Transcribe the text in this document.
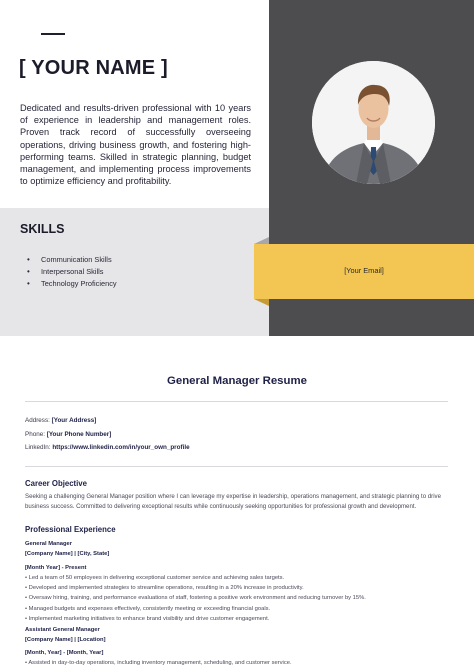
[ YOUR NAME ]
Dedicated and results-driven professional with 10 years of experience in leadership and management roles. Proven track record of successfully overseeing operations, driving business growth, and fostering high-performing teams. Skilled in strategic planning, budget management, and implementing process improvements to optimize efficiency and profitability.
SKILLS
• Communication Skills
• Interpersonal Skills
• Technology Proficiency
[Your Email]
General Manager Resume
Address: [Your Address]
Phone: [Your Phone Number]
LinkedIn: https://www.linkedin.com/in/your_own_profile
Career Objective
Seeking a challenging General Manager position where I can leverage my expertise in leadership, operations management, and strategic planning to drive business success. Committed to delivering exceptional results while continuously seeking opportunities for professional growth and development.
Professional Experience
General Manager
[Company Name] | [City, State]
[Month Year] - Present
• Led a team of 50 employees in delivering exceptional customer service and achieving sales targets.
• Developed and implemented strategies to streamline operations, resulting in a 20% increase in productivity.
• Oversaw hiring, training, and performance evaluations of staff, fostering a positive work environment and reducing turnover by 15%.
• Managed budgets and expenses effectively, consistently meeting or exceeding financial goals.
• Implemented marketing initiatives to enhance brand visibility and drive customer engagement.
Assistant General Manager
[Company Name] | [Location]
[Month, Year] - [Month, Year]
• Assisted in day-to-day operations, including inventory management, scheduling, and customer service.
